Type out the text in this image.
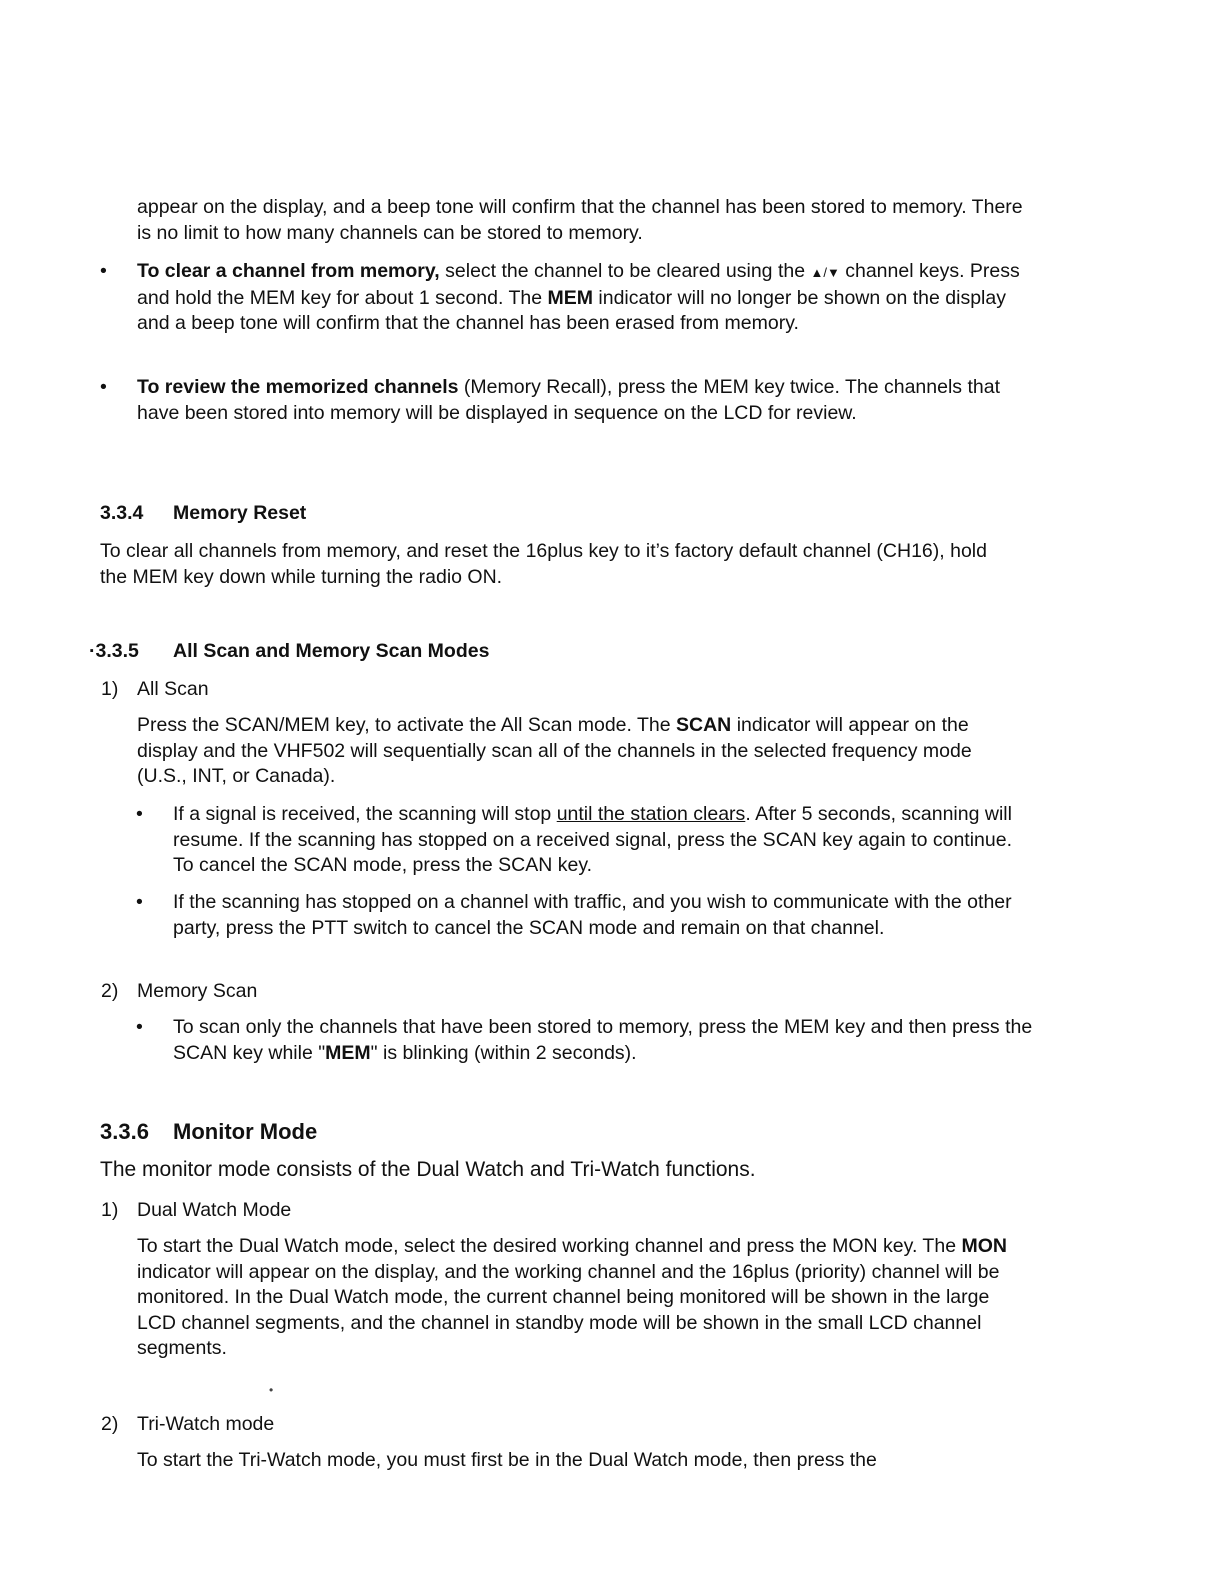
appear on the display, and a beep tone will confirm that the channel has been stored to memory. There is no limit to how many channels can be stored to memory.

• To clear a channel from memory, select the channel to be cleared using the ▲/▼ channel keys. Press and hold the MEM key for about 1 second. The MEM indicator will no longer be shown on the display and a beep tone will confirm that the channel has been erased from memory.

• To review the memorized channels (Memory Recall), press the MEM key twice. The channels that have been stored into memory will be displayed in sequence on the LCD for review.

3.3.4 Memory Reset

To clear all channels from memory, and reset the 16plus key to it’s factory default channel (CH16), hold the MEM key down while turning the radio ON.

·3.3.5 All Scan and Memory Scan Modes
1) All Scan

Press the SCAN/MEM key, to activate the All Scan mode. The SCAN indicator will appear on the display and the VHF502 will sequentially scan all of the channels in the selected frequency mode (U.S., INT, or Canada).

• If a signal is received, the scanning will stop until the station clears. After 5 seconds, scanning will resume. If the scanning has stopped on a received signal, press the SCAN key again to continue. To cancel the SCAN mode, press the SCAN key.

• If the scanning has stopped on a channel with traffic, and you wish to communicate with the other party, press the PTT switch to cancel the SCAN mode and remain on that channel.

2) Memory Scan
• To scan only the channels that have been stored to memory, press the MEM key and then press the SCAN key while "MEM" is blinking (within 2 seconds).

3.3.6 Monitor Mode

The monitor mode consists of the Dual Watch and Tri-Watch functions.

1) Dual Watch Mode

To start the Dual Watch mode, select the desired working channel and press the MON key. The MON indicator will appear on the display, and the working channel and the 16plus (priority) channel will be monitored. In the Dual Watch mode, the current channel being monitored will be shown in the large LCD channel segments, and the channel in standby mode will be shown in the small LCD channel segments.

•
2) Tri-Watch mode

To start the Tri-Watch mode, you must first be in the Dual Watch mode, then press the
